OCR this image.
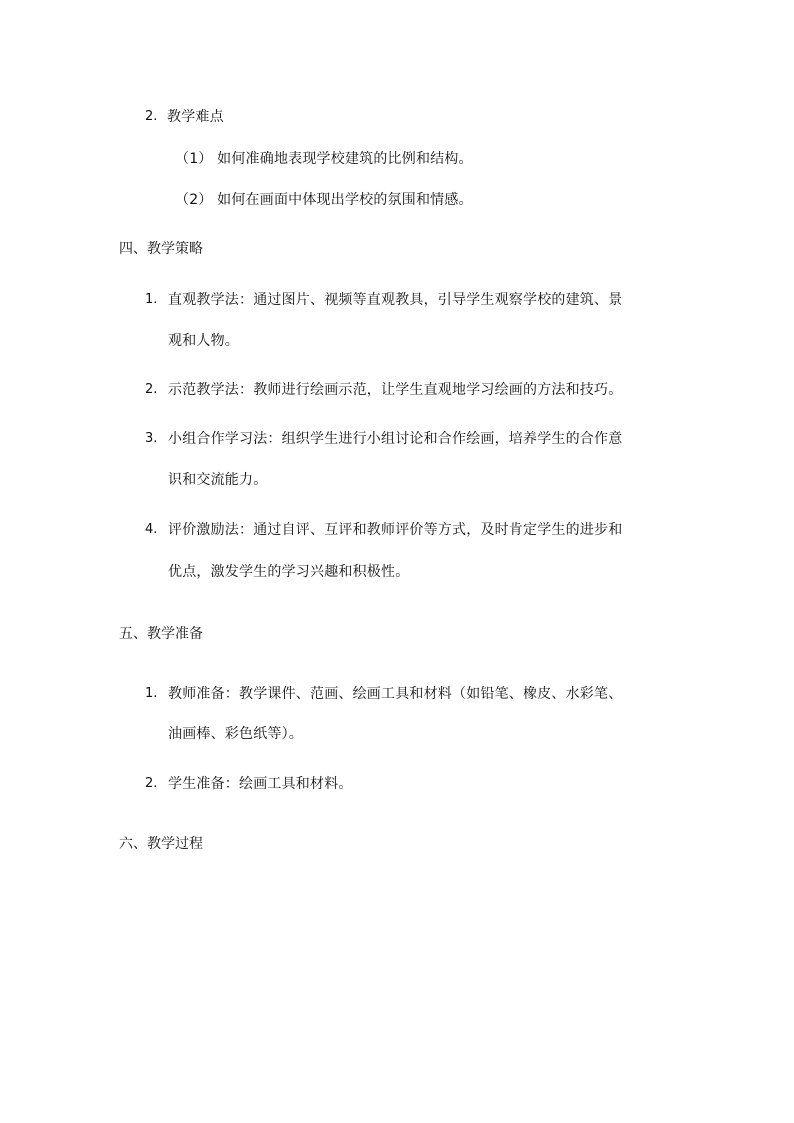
2. 教学难点
（1） 如何准确地表现学校建筑的比例和结构。
（2） 如何在画面中体现出学校的氛围和情感。
四、教学策略
1. 直观教学法：通过图片、视频等直观教具，引导学生观察学校的建筑、景
观和人物。
2. 示范教学法：教师进行绘画示范，让学生直观地学习绘画的方法和技巧。
3. 小组合作学习法：组织学生进行小组讨论和合作绘画，培养学生的合作意
识和交流能力。
4. 评价激励法：通过自评、互评和教师评价等方式，及时肯定学生的进步和
优点，激发学生的学习兴趣和积极性。
五、教学准备
1. 教师准备：教学课件、范画、绘画工具和材料（如铅笔、橡皮、水彩笔、
油画棒、彩色纸等）。
2. 学生准备：绘画工具和材料。
六、教学过程
